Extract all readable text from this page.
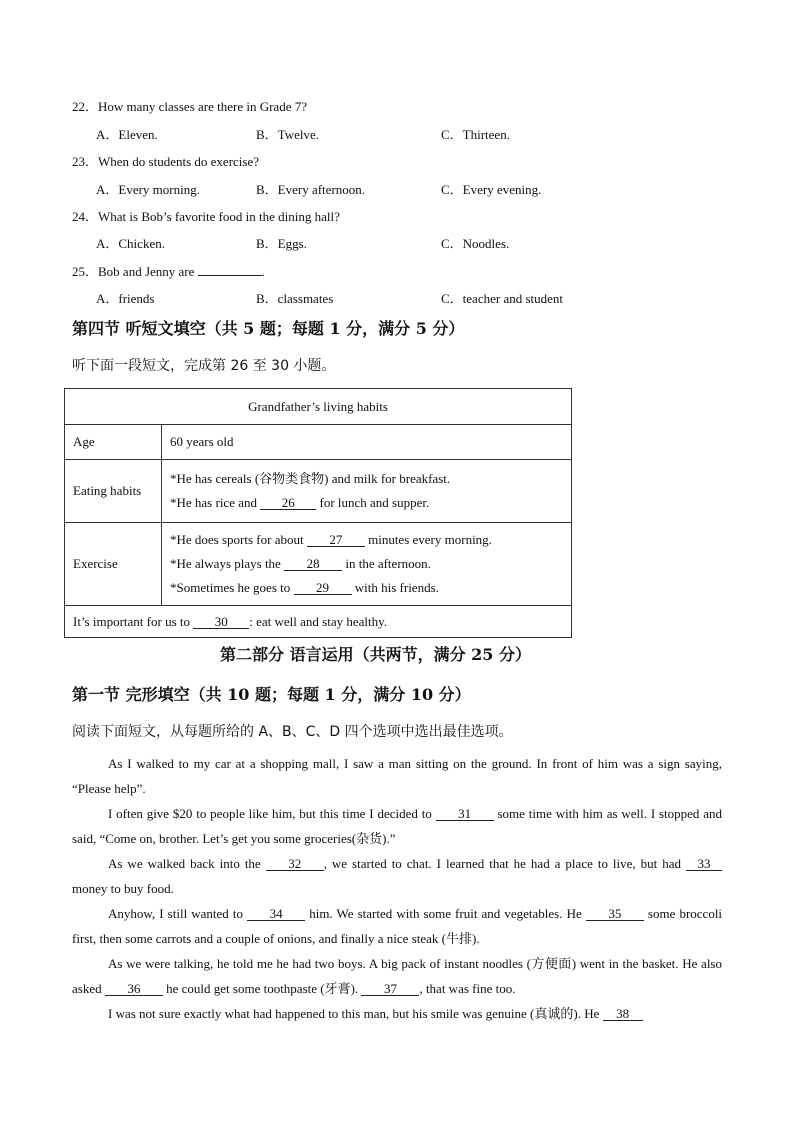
22．How many classes are there in Grade 7?
A．Eleven.	B．Twelve.	C．Thirteen.
23．When do students do exercise?
A．Every morning.	B．Every afternoon.	C．Every evening.
24．What is Bob’s favorite food in the dining hall?
A．Chicken.	B．Eggs.	C．Noodles.
25．Bob and Jenny are	.
A．friends	B．classmates	C．teacher and student
第四节 听短文填空（共 5 题；每题 1 分，满分 5 分）
听下面一段短文，完成第 26 至 30 小题。
Grandfather’s living habits	
Age	60 years old
Eating habits	*He has cereals (谷物类食物) and milk for breakfast.
*He has rice and 26 for lunch and supper.

Exercise	*He does sports for about 27 minutes every morning.
*He always plays the 28 in the afternoon.
*Sometimes he goes to 29 with his friends.

It’s important for us to 30 : eat well and stay healthy.	
第二部分 语言运用（共两节，满分 25 分）
第一节 完形填空（共 10 题；每题 1 分，满分 10 分）
阅读下面短文，从每题所给的 A、B、C、D 四个选项中选出最佳选项。

As I walked to my car at a shopping mall, I saw a man sitting on the ground. In front of him was a sign saying, “Please help”.

I often give $20 to people like him, but this time I decided to 31 some time with him as well. I stopped and said, “Come on, brother. Let’s get you some groceries(杂货).”

As we walked back into the 32 , we started to chat. I learned that he had a place to live, but had 33 money to buy food.

Anyhow, I still wanted to 34 him. We started with some fruit and vegetables. He 35 some broccoli first, then some carrots and a couple of onions, and finally a nice steak (牛排).

As we were talking, he told me he had two boys. A big pack of instant noodles (方便面) went in the basket. He also asked 36 he could get some toothpaste (牙膏). 37 , that was fine too.

I was not sure exactly what had happened to this man, but his smile was genuine (真诚的). He 38
